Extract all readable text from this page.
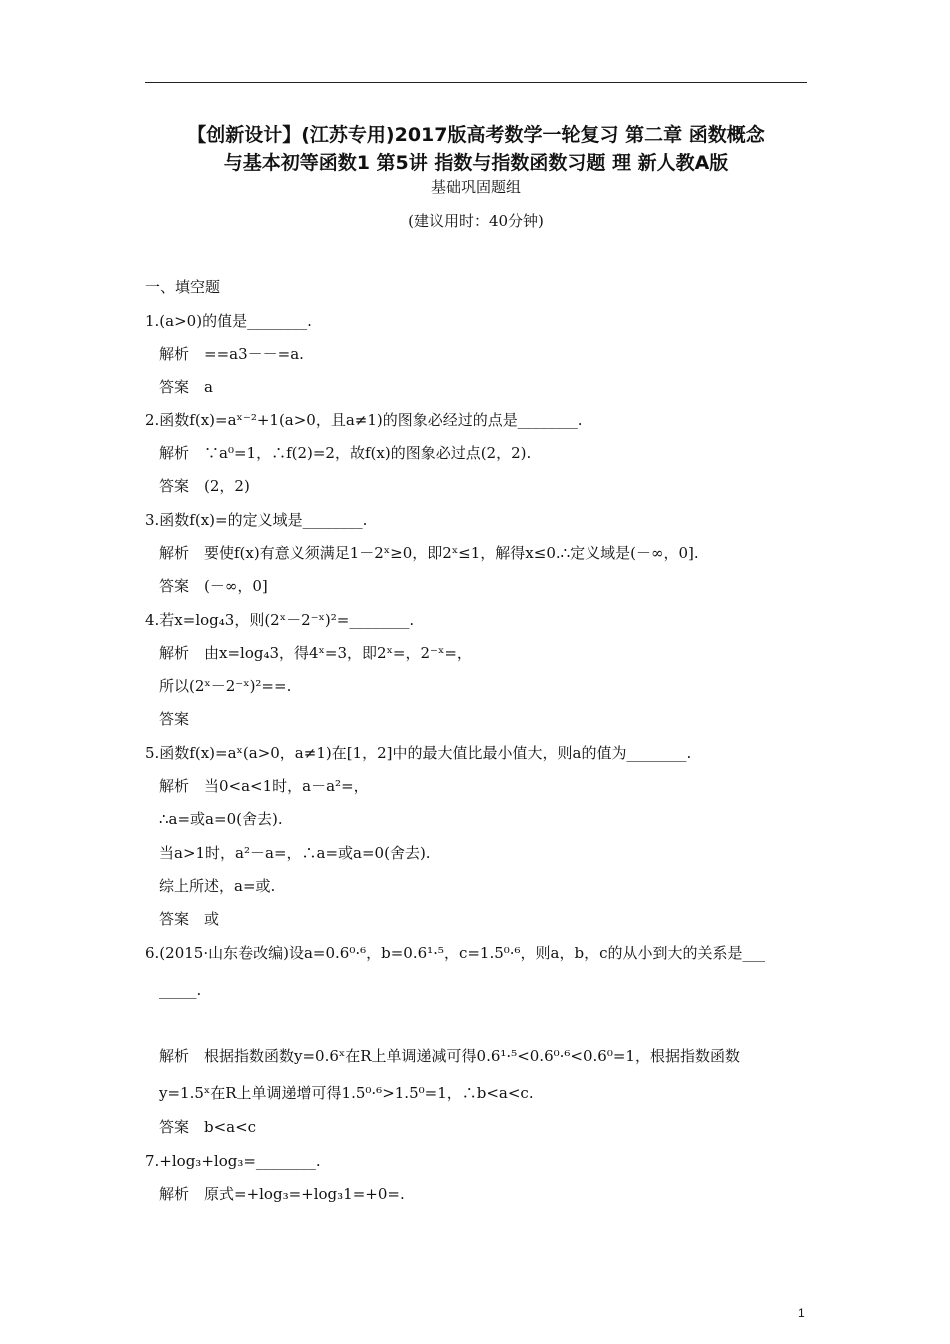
【创新设计】(江苏专用)2017版高考数学一轮复习 第二章 函数概念
与基本初等函数1 第5讲 指数与指数函数习题 理 新人教A版
基础巩固题组
(建议用时：40分钟)
一、填空题
1.(a>0)的值是________.
解析　==a3－－=a.
答案　a
2.函数f(x)=aˣ⁻²+1(a>0，且a≠1)的图象必经过的点是________.
解析　∵a⁰=1，∴f(2)=2，故f(x)的图象必过点(2，2).
答案　(2，2)
3.函数f(x)=的定义域是________.
解析　要使f(x)有意义须满足1－2ˣ≥0，即2ˣ≤1，解得x≤0.∴定义域是(－∞，0].
答案　(－∞，0]
4.若x=log₄3，则(2ˣ－2⁻ˣ)²=________.
解析　由x=log₄3，得4ˣ=3，即2ˣ=，2⁻ˣ=，
所以(2ˣ－2⁻ˣ)²==.
答案
5.函数f(x)=aˣ(a>0，a≠1)在[1，2]中的最大值比最小值大，则a的值为________.
解析　当0<a<1时，a－a²=，
∴a=或a=0(舍去).
当a>1时，a²－a=，∴a=或a=0(舍去).
综上所述，a=或.
答案　或
6.(2015·山东卷改编)设a=0.6⁰·⁶，b=0.6¹·⁵，c=1.5⁰·⁶，则a，b，c的从小到大的关系是___
_____.
解析　根据指数函数y=0.6ˣ在R上单调递减可得0.6¹·⁵<0.6⁰·⁶<0.6⁰=1，根据指数函数
y=1.5ˣ在R上单调递增可得1.5⁰·⁶>1.5⁰=1，∴b<a<c.
答案　b<a<c
7.+log₃+log₃=________.
解析　原式=+log₃=+log₃1=+0=.
1
